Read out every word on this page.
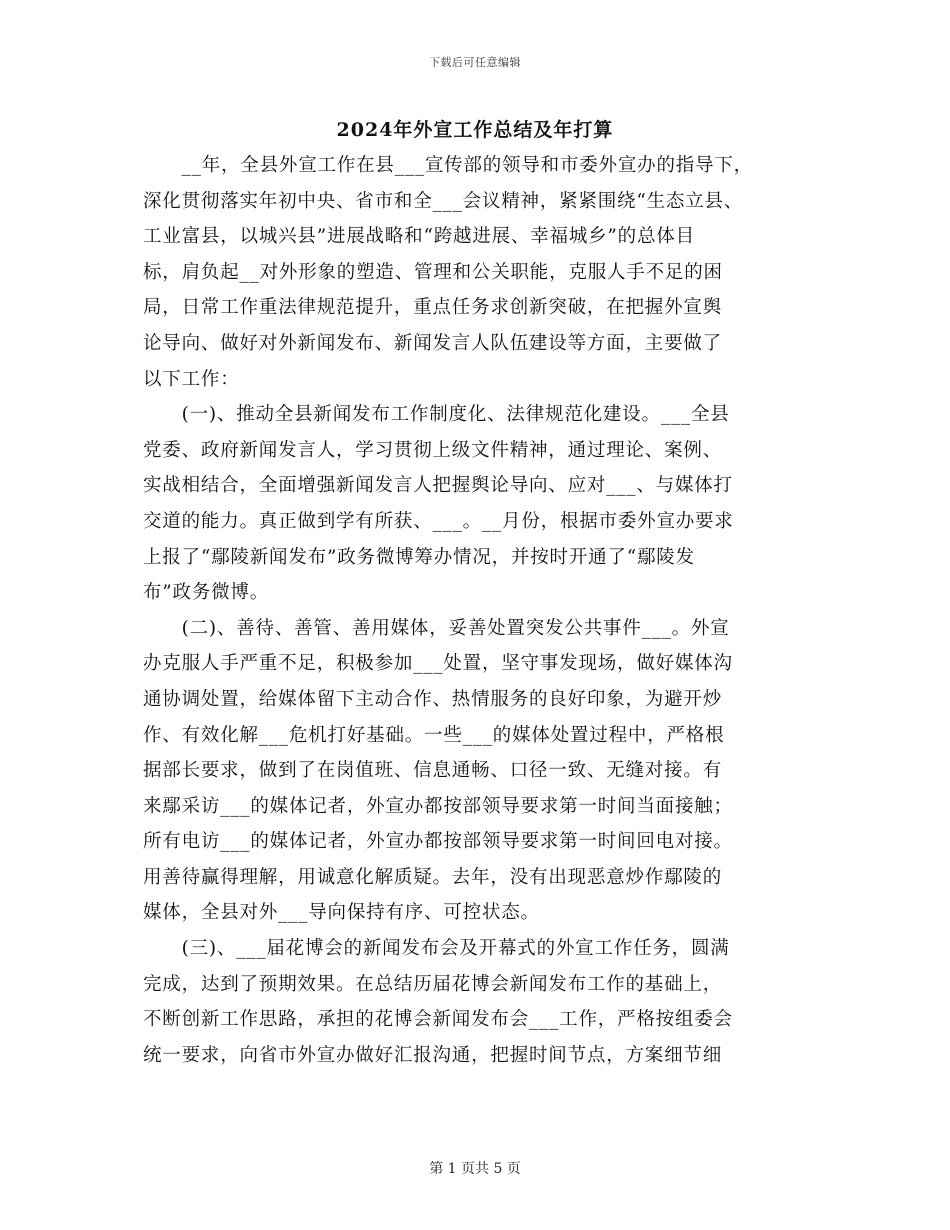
下载后可任意编辑
2024年外宣工作总结及年打算
　　__年，全县外宣工作在县___宣传部的领导和市委外宣办的指导下，
深化贯彻落实年初中央、省市和全___会议精神，紧紧围绕“生态立县、
工业富县，以城兴县”进展战略和“跨越进展、幸福城乡”的总体目
标，肩负起__对外形象的塑造、管理和公关职能，克服人手不足的困
局，日常工作重法律规范提升，重点任务求创新突破，在把握外宣舆
论导向、做好对外新闻发布、新闻发言人队伍建设等方面，主要做了
以下工作：
　　(一)、推动全县新闻发布工作制度化、法律规范化建设。___全县
党委、政府新闻发言人，学习贯彻上级文件精神，通过理论、案例、
实战相结合，全面增强新闻发言人把握舆论导向、应对___、与媒体打
交道的能力。真正做到学有所获、___。__月份，根据市委外宣办要求
上报了“鄢陵新闻发布”政务微博筹办情况，并按时开通了“鄢陵发
布”政务微博。
　　(二)、善待、善管、善用媒体，妥善处置突发公共事件___。外宣
办克服人手严重不足，积极参加___处置，坚守事发现场，做好媒体沟
通协调处置，给媒体留下主动合作、热情服务的良好印象，为避开炒
作、有效化解___危机打好基础。一些___的媒体处置过程中，严格根
据部长要求，做到了在岗值班、信息通畅、口径一致、无缝对接。有
来鄢采访___的媒体记者，外宣办都按部领导要求第一时间当面接触；
所有电访___的媒体记者，外宣办都按部领导要求第一时间回电对接。
用善待赢得理解，用诚意化解质疑。去年，没有出现恶意炒作鄢陵的
媒体，全县对外___导向保持有序、可控状态。
　　(三)、___届花博会的新闻发布会及开幕式的外宣工作任务，圆满
完成，达到了预期效果。在总结历届花博会新闻发布工作的基础上，
不断创新工作思路，承担的花博会新闻发布会___工作，严格按组委会
统一要求，向省市外宣办做好汇报沟通，把握时间节点，方案细节细
第 1 页共 5 页
